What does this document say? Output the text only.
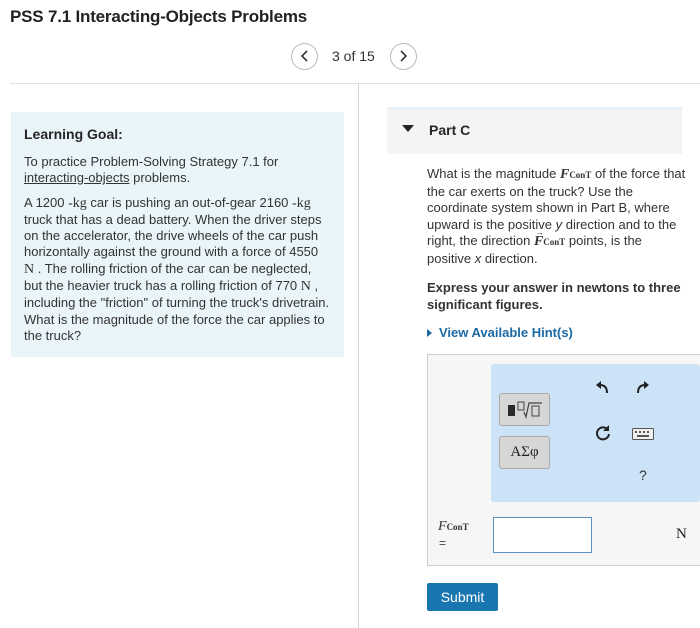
PSS 7.1 Interacting-Objects Problems
3 of 15
Learning Goal:

To practice Problem-Solving Strategy 7.1 for interacting-objects problems.

A 1200 -kg car is pushing an out-of-gear 2160 -kg truck that has a dead battery. When the driver steps on the accelerator, the drive wheels of the car push horizontally against the ground with a force of 4550 N . The rolling friction of the car can be neglected, but the heavier truck has a rolling friction of 770 N , including the "friction" of turning the truck's drivetrain. What is the magnitude of the force the car applies to the truck?

Part C
What is the magnitude FConT of the force that the car exerts on the truck? Use the coordinate system shown in Part B, where upward is the positive y direction and to the right, the direction → FConT points, is the positive x direction.
Express your answer in newtons to three significant figures.
View Available Hint(s)
ΑΣφ
?
FConT
=
N
Submit
